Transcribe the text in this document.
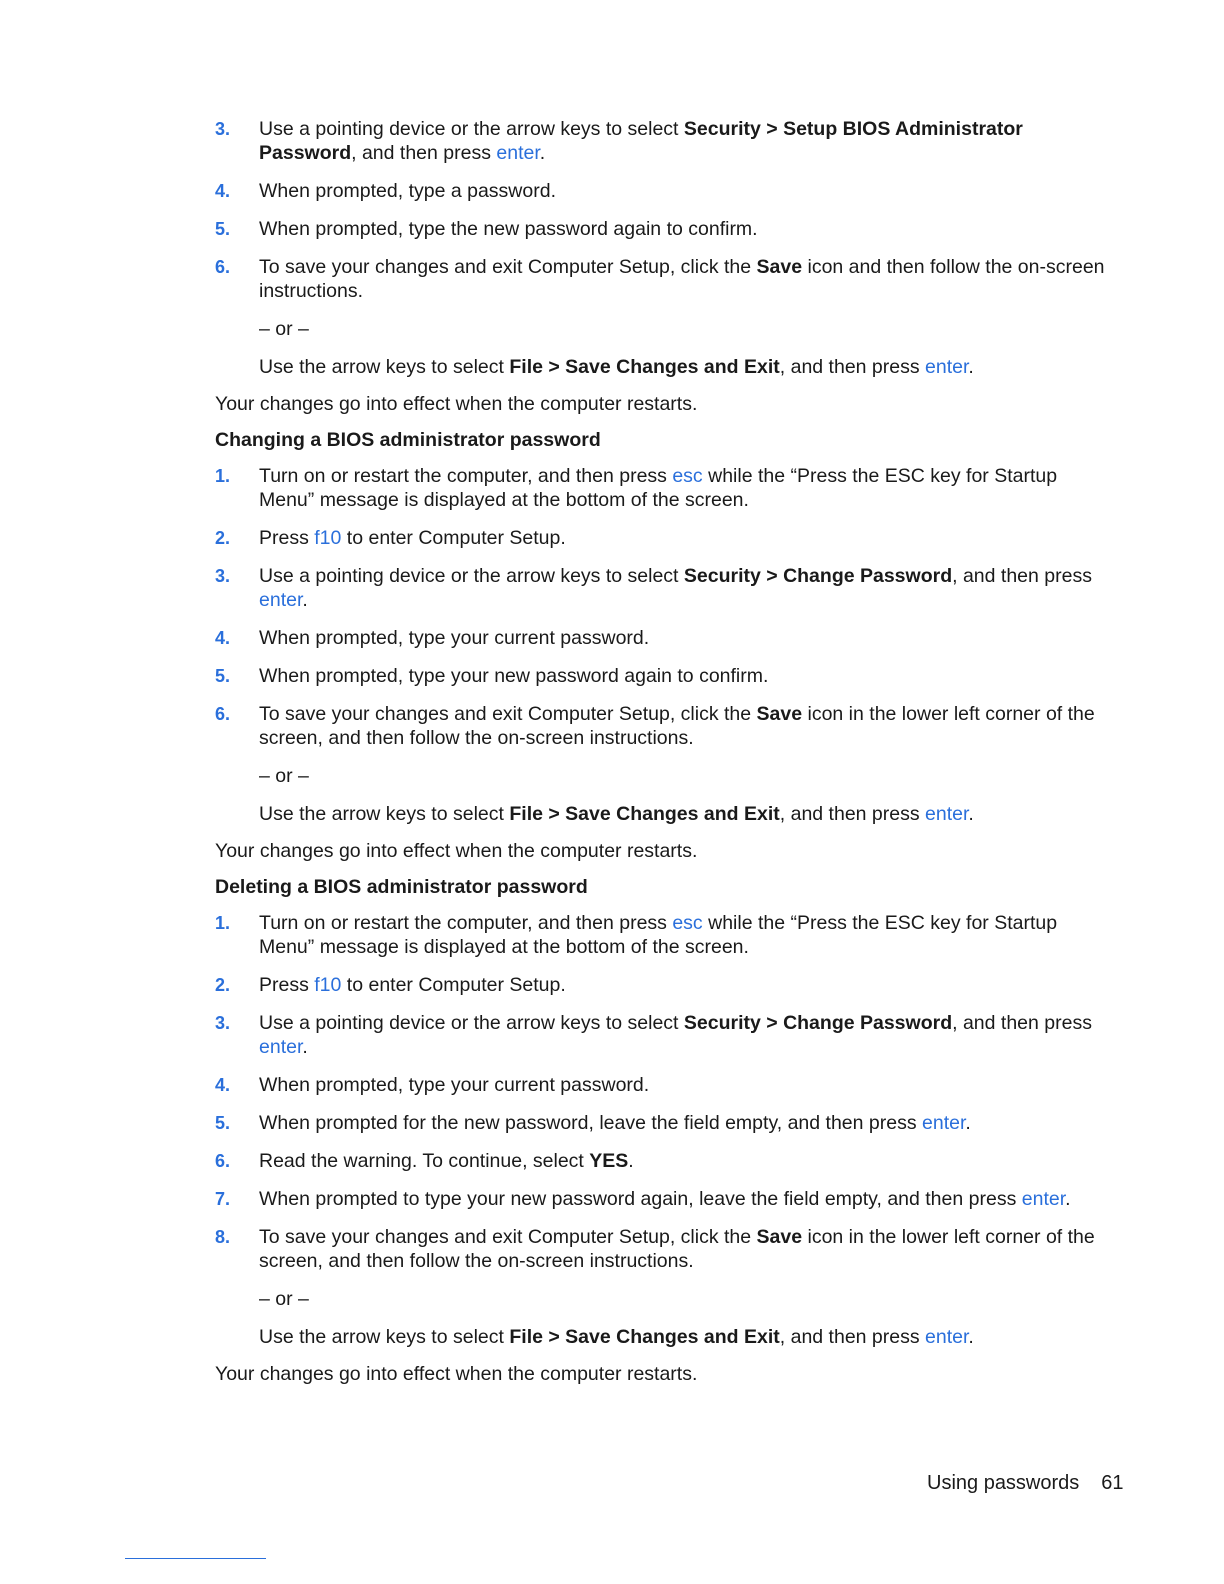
3. Use a pointing device or the arrow keys to select Security > Setup BIOS Administrator Password, and then press enter.
4. When prompted, type a password.
5. When prompted, type the new password again to confirm.
6. To save your changes and exit Computer Setup, click the Save icon and then follow the on-screen instructions.
– or –
Use the arrow keys to select File > Save Changes and Exit, and then press enter.
Your changes go into effect when the computer restarts.
Changing a BIOS administrator password
1. Turn on or restart the computer, and then press esc while the “Press the ESC key for Startup Menu” message is displayed at the bottom of the screen.
2. Press f10 to enter Computer Setup.
3. Use a pointing device or the arrow keys to select Security > Change Password, and then press enter.
4. When prompted, type your current password.
5. When prompted, type your new password again to confirm.
6. To save your changes and exit Computer Setup, click the Save icon in the lower left corner of the screen, and then follow the on-screen instructions.
– or –
Use the arrow keys to select File > Save Changes and Exit, and then press enter.
Your changes go into effect when the computer restarts.
Deleting a BIOS administrator password
1. Turn on or restart the computer, and then press esc while the “Press the ESC key for Startup Menu” message is displayed at the bottom of the screen.
2. Press f10 to enter Computer Setup.
3. Use a pointing device or the arrow keys to select Security > Change Password, and then press enter.
4. When prompted, type your current password.
5. When prompted for the new password, leave the field empty, and then press enter.
6. Read the warning. To continue, select YES.
7. When prompted to type your new password again, leave the field empty, and then press enter.
8. To save your changes and exit Computer Setup, click the Save icon in the lower left corner of the screen, and then follow the on-screen instructions.
– or –
Use the arrow keys to select File > Save Changes and Exit, and then press enter.
Your changes go into effect when the computer restarts.
Using passwords 61
